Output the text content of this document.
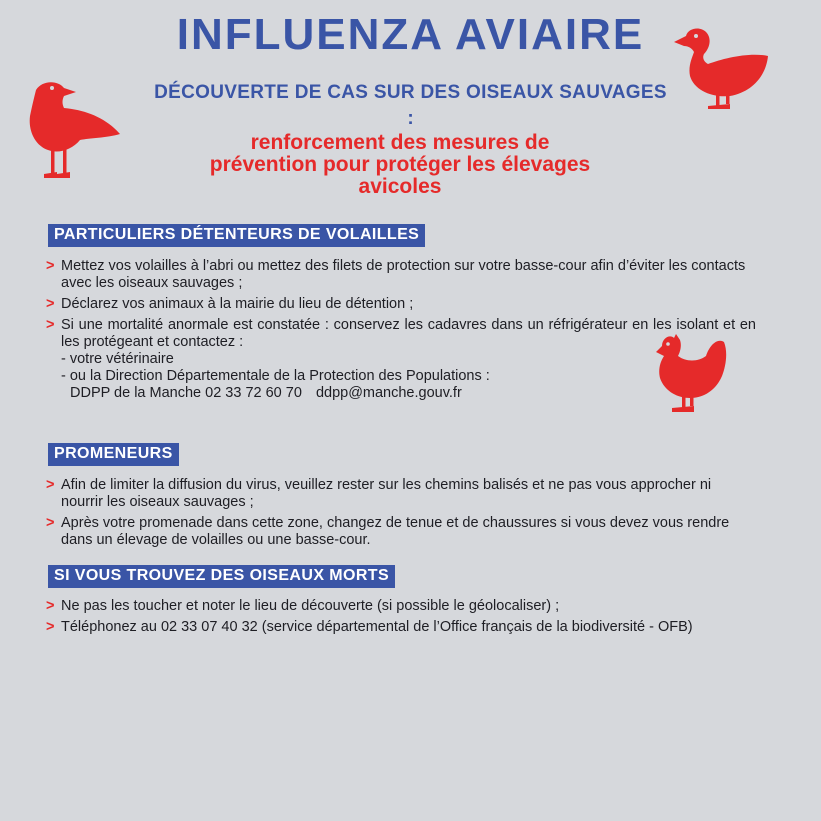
INFLUENZA AVIAIRE
DÉCOUVERTE DE CAS SUR DES OISEAUX SAUVAGES
:
renforcement des mesures de
prévention pour protéger les élevages
avicoles
PARTICULIERS DÉTENTEURS DE VOLAILLES
> Mettez vos volailles à l’abri ou mettez des filets de protection sur votre basse-cour afin d’éviter les contacts avec les oiseaux sauvages ;
> Déclarez vos animaux à la mairie du lieu de détention ;
> Si une mortalité anormale est constatée : conservez les cadavres dans un réfrigérateur en les isolant et en les protégeant et contactez :
- votre vétérinaire
- ou la Direction Départementale de la Protection des Populations :
DDPP de la Manche 02 33 72 60 70 ddpp@manche.gouv.fr
PROMENEURS
> Afin de limiter la diffusion du virus, veuillez rester sur les chemins balisés et ne pas vous approcher ni nourrir les oiseaux sauvages ;
> Après votre promenade dans cette zone, changez de tenue et de chaussures si vous devez vous rendre dans un élevage de volailles ou une basse-cour.
SI VOUS TROUVEZ DES OISEAUX MORTS
> Ne pas les toucher et noter le lieu de découverte (si possible le géolocaliser) ;
> Téléphonez au 02 33 07 40 32 (service départemental de l’Office français de la biodiversité - OFB)
